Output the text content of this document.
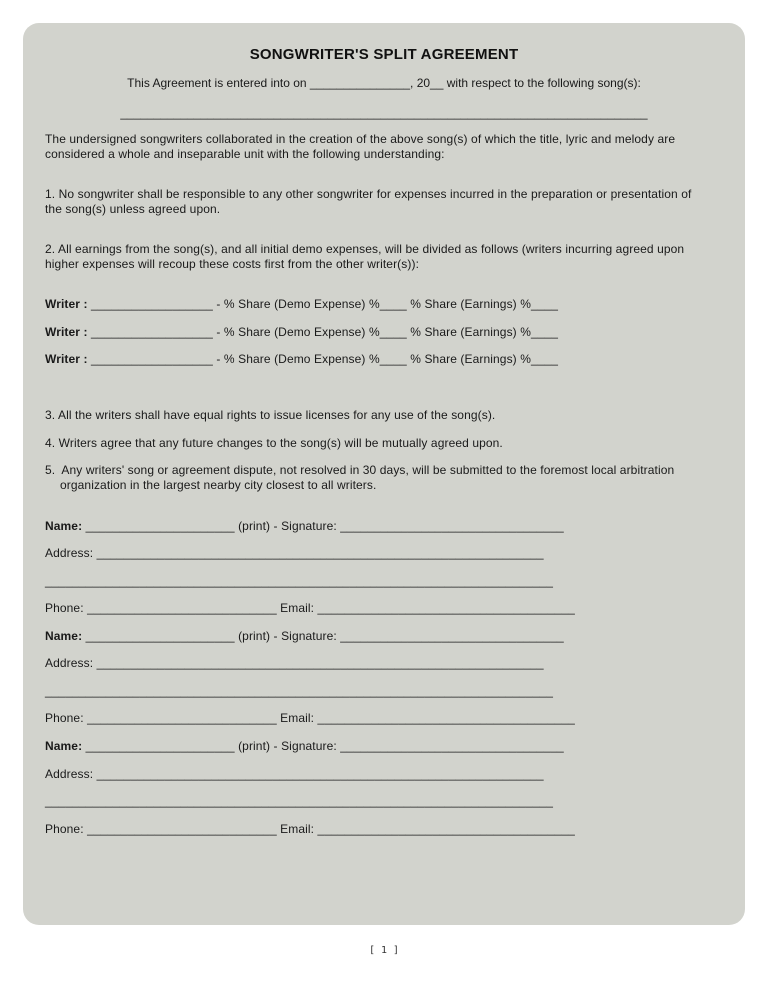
SONGWRITER'S SPLIT AGREEMENT
This Agreement is entered into on _______________, 20__ with respect to the following song(s):
_______________________________________________________________________________
The undersigned songwriters collaborated in the creation of the above song(s) of which the title, lyric and melody are
considered a whole and inseparable unit with the following understanding:
1. No songwriter shall be responsible to any other songwriter for expenses incurred in the preparation or presentation of
the song(s) unless agreed upon.
2. All earnings from the song(s), and all initial demo expenses, will be divided as follows (writers incurring agreed upon
higher expenses will recoup these costs first from the other writer(s)):
Writer : __________________ - % Share (Demo Expense) %____ % Share (Earnings) %____
Writer : __________________ - % Share (Demo Expense) %____ % Share (Earnings) %____
Writer : __________________ - % Share (Demo Expense) %____ % Share (Earnings) %____
3. All the writers shall have equal rights to issue licenses for any use of the song(s).
4. Writers agree that any future changes to the song(s) will be mutually agreed upon.
5.  Any writers' song or agreement dispute, not resolved in 30 days, will be submitted to the foremost local arbitration
organization in the largest nearby city closest to all writers.
Name: ______________________ (print) - Signature: _________________________________
Address: __________________________________________________________________
___________________________________________________________________________
Phone: ____________________________ Email: ______________________________________
Name: ______________________ (print) - Signature: _________________________________
Address: __________________________________________________________________
___________________________________________________________________________
Phone: ____________________________ Email: ______________________________________
Name: ______________________ (print) - Signature: _________________________________
Address: __________________________________________________________________
___________________________________________________________________________
Phone: ____________________________ Email: ______________________________________
[ 1 ]
